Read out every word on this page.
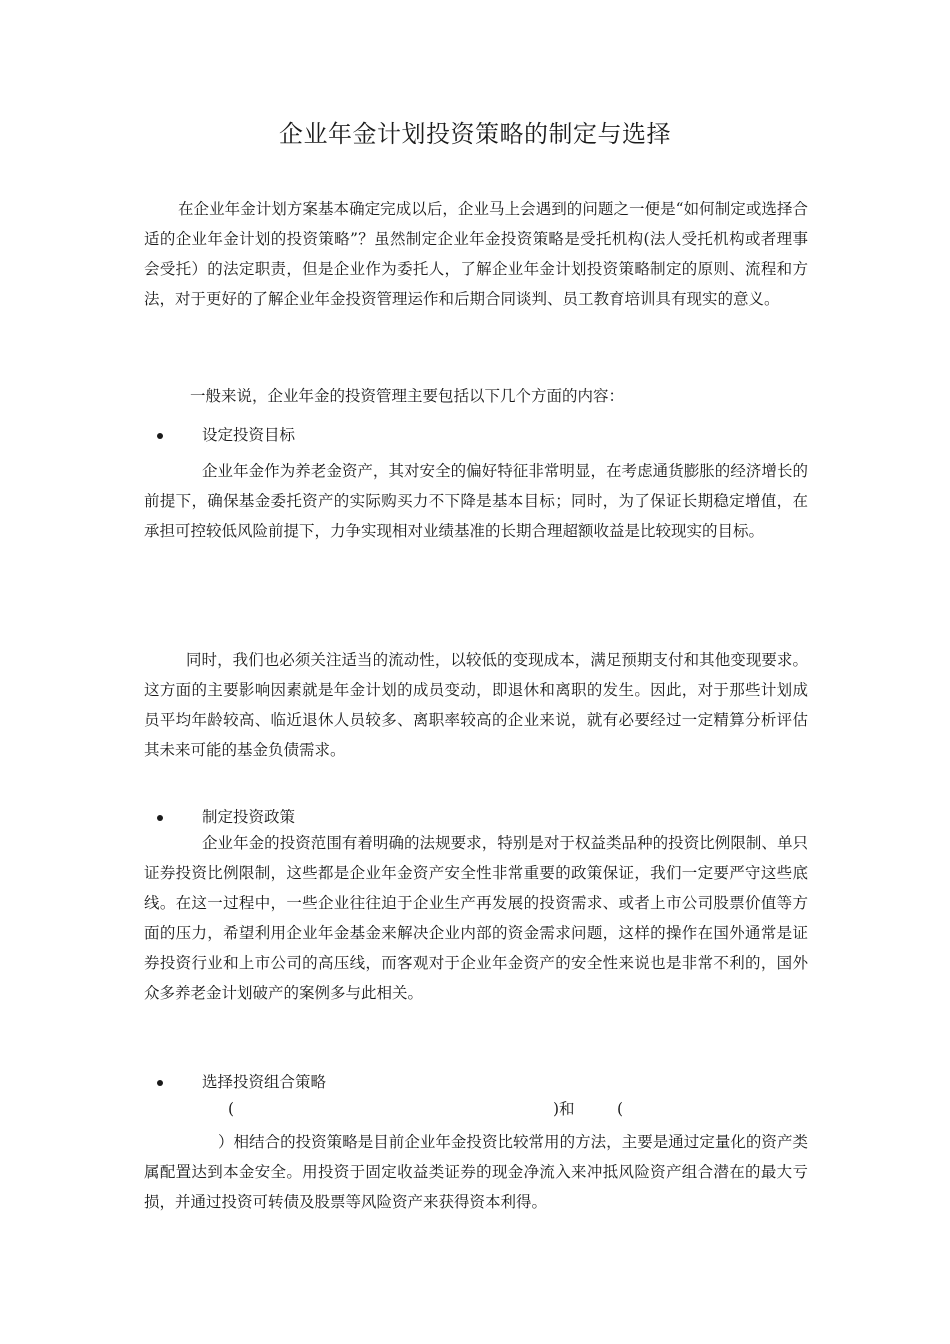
企业年金计划投资策略的制定与选择

在企业年金计划方案基本确定完成以后，企业马上会遇到的问题之一便是“如何制定或选择合适的企业年金计划的投资策略”？虽然制定企业年金投资策略是受托机构(法人受托机构或者理事会受托）的法定职责，但是企业作为委托人，了解企业年金计划投资策略制定的原则、流程和方法，对于更好的了解企业年金投资管理运作和后期合同谈判、员工教育培训具有现实的意义。

一般来说，企业年金的投资管理主要包括以下几个方面的内容：
设定投资目标

企业年金作为养老金资产，其对安全的偏好特征非常明显，在考虑通货膨胀的经济增长的前提下，确保基金委托资产的实际购买力不下降是基本目标；同时，为了保证长期稳定增值，在承担可控较低风险前提下，力争实现相对业绩基准的长期合理超额收益是比较现实的目标。

同时，我们也必须关注适当的流动性，以较低的变现成本，满足预期支付和其他变现要求。这方面的主要影响因素就是年金计划的成员变动，即退休和离职的发生。因此，对于那些计划成员平均年龄较高、临近退休人员较多、离职率较高的企业来说，就有必要经过一定精算分析评估其未来可能的基金负债需求。

制定投资政策

企业年金的投资范围有着明确的法规要求，特别是对于权益类品种的投资比例限制、单只证券投资比例限制，这些都是企业年金资产安全性非常重要的政策保证，我们一定要严守这些底线。在这一过程中，一些企业往往迫于企业生产再发展的投资需求、或者上市公司股票价值等方面的压力，希望利用企业年金基金来解决企业内部的资金需求问题，这样的操作在国外通常是证券投资行业和上市公司的高压线，而客观对于企业年金资产的安全性来说也是非常不利的，国外众多养老金计划破产的案例多与此相关。

选择投资组合策略
(	)和	(

）相结合的投资策略是目前企业年金投资比较常用的方法，主要是通过定量化的资产类属配置达到本金安全。用投资于固定收益类证券的现金净流入来冲抵风险资产组合潜在的最大亏损，并通过投资可转债及股票等风险资产来获得资本利得。
